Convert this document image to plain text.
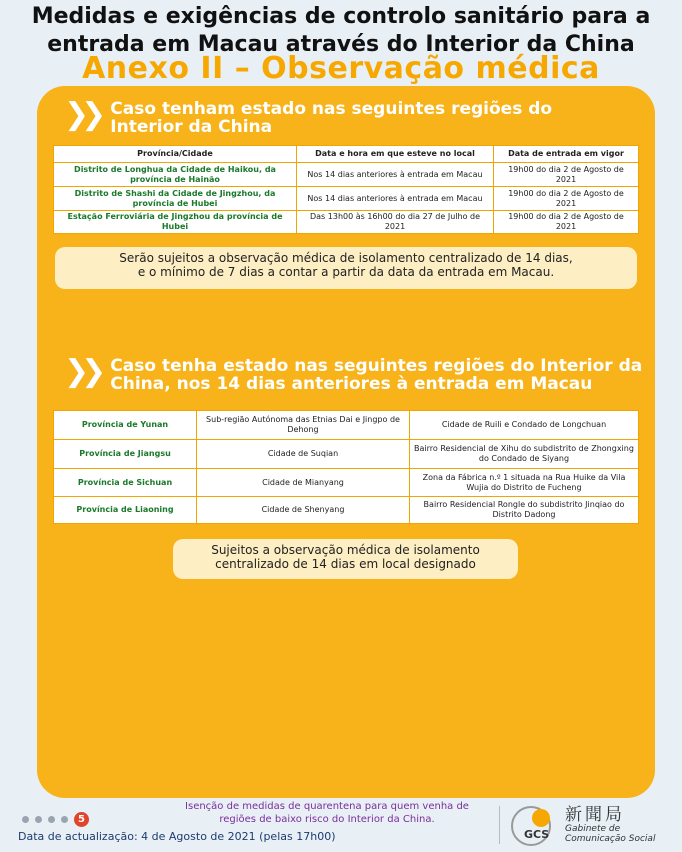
Medidas e exigências de controlo sanitário para a
entrada em Macau através do Interior da China
Anexo II – Observação médica
❯❯ Caso tenham estado nas seguintes regiões do
Interior da China
Província/Cidade	Data e hora em que esteve no local	Data de entrada em vigor
Distrito de Longhua da Cidade de Haikou, da província de Hainão	Nos 14 dias anteriores à entrada em Macau	19h00 do dia 2 de Agosto de 2021
Distrito de Shashi da Cidade de Jingzhou, da província de Hubei	Nos 14 dias anteriores à entrada em Macau	19h00 do dia 2 de Agosto de 2021
Estação Ferroviária de Jingzhou da província de Hubei	Das 13h00 às 16h00 do dia 27 de Julho de 2021	19h00 do dia 2 de Agosto de 2021
Serão sujeitos a observação médica de isolamento centralizado de 14 dias,
e o mínimo de 7 dias a contar a partir da data da entrada em Macau.
❯❯ Caso tenha estado nas seguintes regiões do Interior da
China, nos 14 dias anteriores à entrada em Macau
Província de Yunan	Sub-região Autónoma das Etnias Dai e Jingpo de Dehong	Cidade de Ruili e Condado de Longchuan
Província de Jiangsu	Cidade de Suqian	Bairro Residencial de Xihu do subdistrito de Zhongxing do Condado de Siyang
Província de Sichuan	Cidade de Mianyang	Zona da Fábrica n.º 1 situada na Rua Huike da Vila Wujia do Distrito de Fucheng
Província de Liaoning	Cidade de Shenyang	Bairro Residencial Rongle do subdistrito Jinqiao do Distrito Dadong
Sujeitos a observação médica de isolamento
centralizado de 14 dias em local designado
5
Isenção de medidas de quarentena para quem venha de
regiões de baixo risco do Interior da China.
Data de actualização: 4 de Agosto de 2021 (pelas 17h00)	GCS
新聞局
Gabinete de
Comunicação Social
